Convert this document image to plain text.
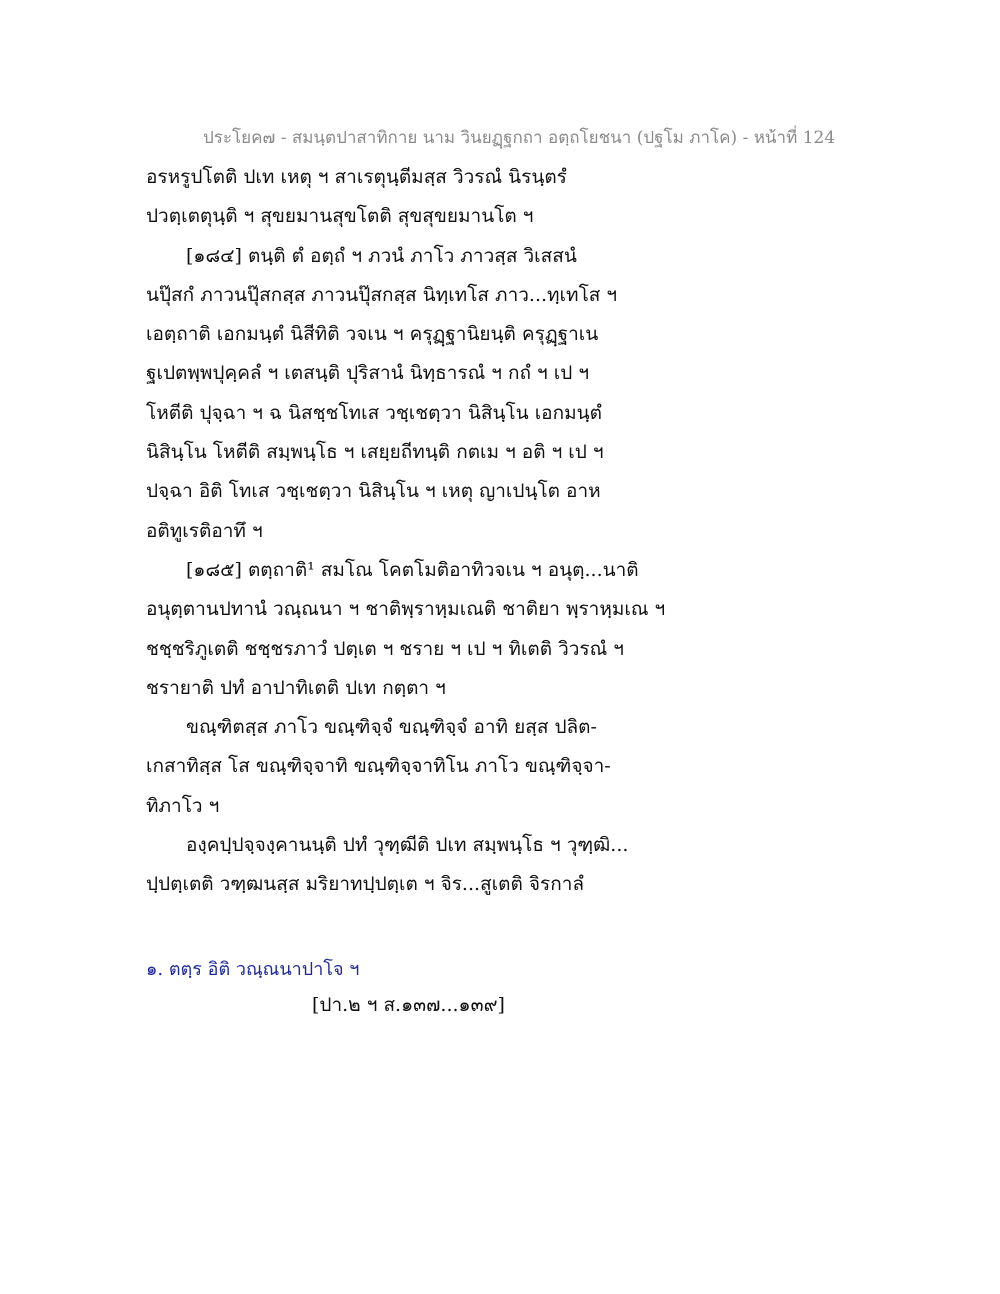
ประโยค๗ - สมนฺตปาสาทิกาย นาม วินยฏฺฐกถา อตฺถโยชนา (ปฐโม ภาโค) - หน้าที่ 124
อรหรูปโตติ ปเท เหตุ ฯ สาเรตุนฺตีมสฺส วิวรณํ นิรนฺตรํ
ปวตฺเตตุนฺติ ฯ สุขยมานสุขโตติ สุขสุขยมานโต ฯ
[๑๘๔] ตนฺติ ตํ อตฺถํ ฯ ภวนํ ภาโว ภาวสฺส วิเสสนํ
นปุ๊สกํ ภาวนปุ๊สกสฺส ภาวนปุ๊สกสฺส นิทฺเทโส ภาว...ทฺเทโส ฯ
เอตฺถาติ เอกมนฺตํ นิสีทิติ วจเน ฯ ครุฏฺฐานิยนฺติ ครุฏฺฐาเน
ฐเปตพฺพปุคฺคลํ ฯ เตสนฺติ ปุริสานํ นิทฺธารณํ ฯ กถํ ฯ เป ฯ
โหตีติ ปุจฺฉา ฯ ฉ นิสชฺชโทเส วชฺเชตฺวา นิสินฺโน เอกมนฺตํ
นิสินฺโน โหตีติ สมฺพนฺโธ ฯ เสยฺยถีทนฺติ กตเม ฯ อติ ฯ เป ฯ
ปจฺฉา อิติ โทเส วชฺเชตฺวา นิสินฺโน ฯ เหตุ ญาเปนฺโต อาห
อติทูเรติอาทึ ฯ
[๑๘๕] ตตฺถาติ¹ สมโณ โคตโมติอาทิวจเน ฯ อนุตฺ...นาติ
อนุตฺตานปทานํ วณฺณนา ฯ ชาติพฺราหฺมเณติ ชาติยา พฺราหฺมเณ ฯ
ชชฺชริภูเตติ ชชฺชรภาวํ ปตฺเต ฯ ชราย ฯ เป ฯ ทิเตติ วิวรณํ ฯ
ชรายาติ ปทํ อาปาทิเตติ ปเท กตฺตา ฯ
ขณฺฑิตสฺส ภาโว ขณฺฑิจฺจํ ขณฺฑิจฺจํ อาทิ ยสฺส ปลิต-
เกสาทิสฺส โส ขณฺฑิจฺจาทิ ขณฺฑิจฺจาทิโน ภาโว ขณฺฑิจฺจา-
ทิภาโว ฯ
องฺคปฺปจฺจงฺคานนฺติ ปทํ วุฑฺฒีติ ปเท สมฺพนฺโธ ฯ วุฑฺฒิ...
ปฺปตฺเตติ วฑฺฒนสฺส มริยาทปฺปตฺเต ฯ จิร...สูเตติ จิรกาลํ
๑. ตตฺร อิติ วณฺณนาปาโจ ฯ
[ปา.๒ ฯ ส.๑๓๗...๑๓๙]
